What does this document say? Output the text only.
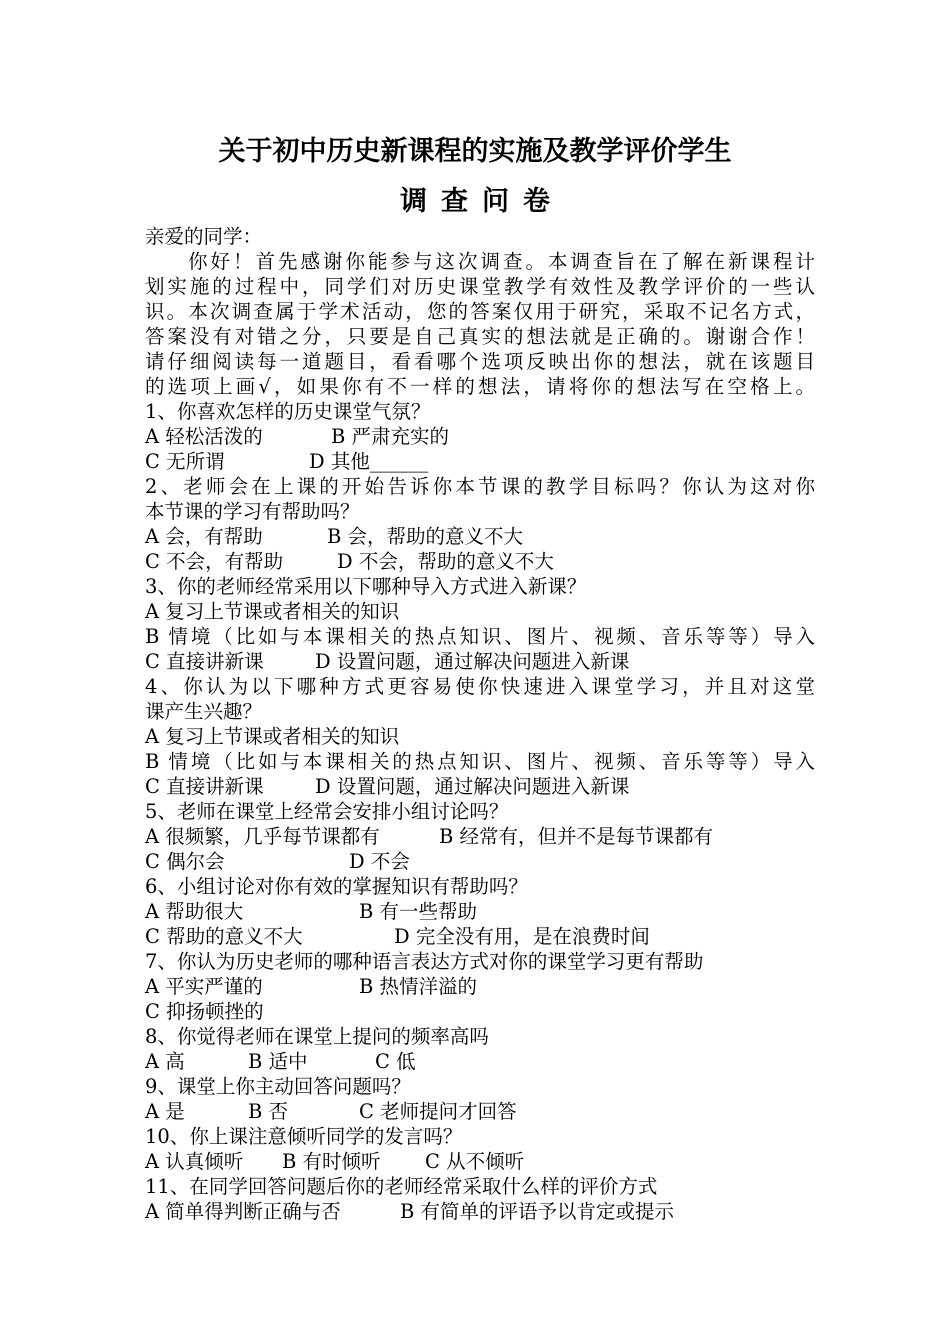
关于初中历史新课程的实施及教学评价学生
调查问卷
亲爱的同学：
你好！首先感谢你能参与这次调查。本调查旨在了解在新课程计
划实施的过程中，同学们对历史课堂教学有效性及教学评价的一些认
识。本次调查属于学术活动，您的答案仅用于研究，采取不记名方式，
答案没有对错之分，只要是自己真实的想法就是正确的。谢谢合作！
请仔细阅读每一道题目，看看哪个选项反映出你的想法，就在该题目
的选项上画√，如果你有不一样的想法，请将你的想法写在空格上。
1、你喜欢怎样的历史课堂气氛？
A 轻松活泼的	B 严肃充实的
C 无所谓	D 其他______
2、老师会在上课的开始告诉你本节课的教学目标吗？你认为这对你
本节课的学习有帮助吗？
A 会，有帮助	B 会，帮助的意义不大
C 不会，有帮助	D 不会，帮助的意义不大
3、你的老师经常采用以下哪种导入方式进入新课？
A 复习上节课或者相关的知识
B 情境（比如与本课相关的热点知识、图片、视频、音乐等等）导入
C 直接讲新课	D 设置问题，通过解决问题进入新课
4、你认为以下哪种方式更容易使你快速进入课堂学习，并且对这堂
课产生兴趣？
A 复习上节课或者相关的知识
B 情境（比如与本课相关的热点知识、图片、视频、音乐等等）导入
C 直接讲新课	D 设置问题，通过解决问题进入新课
5、老师在课堂上经常会安排小组讨论吗？
A 很频繁，几乎每节课都有	B 经常有，但并不是每节课都有
C 偶尔会	D 不会
6、小组讨论对你有效的掌握知识有帮助吗？
A 帮助很大	B 有一些帮助
C 帮助的意义不大	D 完全没有用，是在浪费时间
7、你认为历史老师的哪种语言表达方式对你的课堂学习更有帮助
A 平实严谨的	B 热情洋溢的
C 抑扬顿挫的
8、你觉得老师在课堂上提问的频率高吗
A 高	B 适中	C 低
9、课堂上你主动回答问题吗？
A 是	B 否	C 老师提问才回答
10、你上课注意倾听同学的发言吗？
A 认真倾听 B 有时倾听 C 从不倾听
11、在同学回答问题后你的老师经常采取什么样的评价方式
A 简单得判断正确与否	B 有简单的评语予以肯定或提示
